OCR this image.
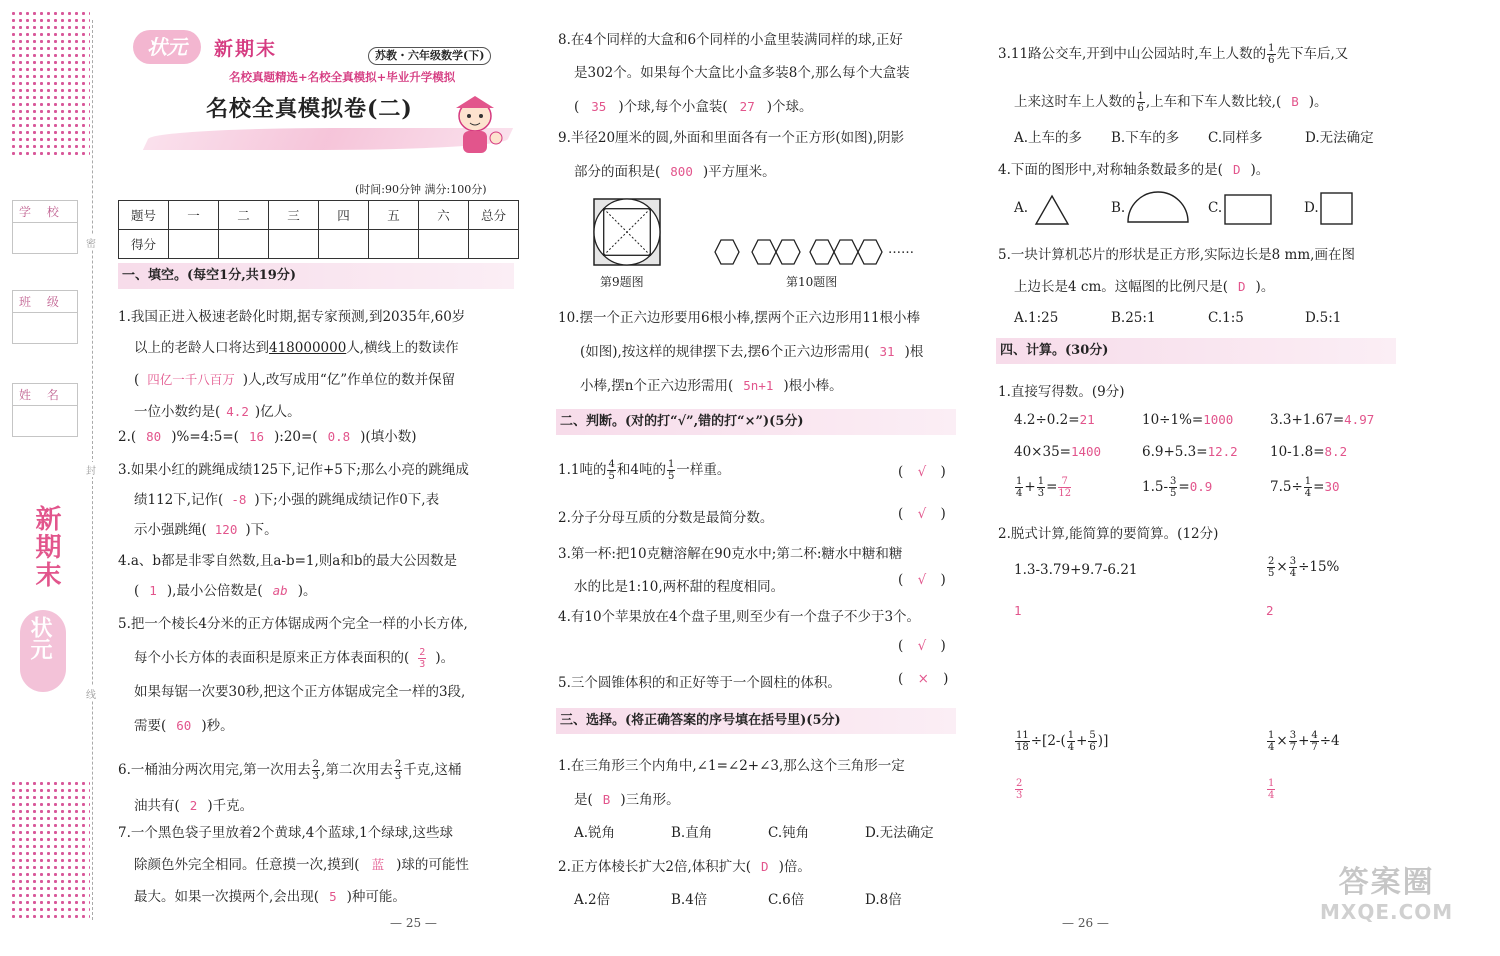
学 校
班 级
姓 名
密
封
线
新期末
状元
状元	新期末	苏教・六年级数学(下)
名校真题精选+名校全真模拟+毕业升学模拟
名校全真模拟卷(二)
(时间:90分钟 满分:100分)
题号	一	二	三	四	五	六	总分
得分							
一、填空。(每空1分,共19分)
1.我国正进入极速老龄化时期,据专家预测,到2035年,60岁
以上的老龄人口将达到418000000人,横线上的数读作
( 四亿一千八百万 )人,改写成用“亿”作单位的数并保留
一位小数约是( 4.2 )亿人。
2.( 80 )%=4:5=( 16 ):20=( 0.8 )(填小数)
3.如果小红的跳绳成绩125下,记作+5下;那么小亮的跳绳成
绩112下,记作( -8 )下;小强的跳绳成绩记作0下,表
示小强跳绳( 120 )下。
4.a、b都是非零自然数,且a-b=1,则a和b的最大公因数是
( 1 ),最小公倍数是( ab )。
5.把一个棱长4分米的正方体锯成两个完全一样的小长方体,
每个小长方体的表面积是原来正方体表面积的( $\frac{2}{3}$ )。
如果每锯一次要30秒,把这个正方体锯成完全一样的3段,
需要( 60 )秒。
6.一桶油分两次用完,第一次用去 $\frac{2}{3}$ ,第二次用去 $\frac{2}{3}$ 千克,这桶
油共有( 2 )千克。
7.一个黑色袋子里放着2个黄球,4个蓝球,1个绿球,这些球
除颜色外完全相同。任意摸一次,摸到( 蓝 )球的可能性
最大。如果一次摸两个,会出现( 5 )种可能。
— 25 —
8.在4个同样的大盒和6个同样的小盒里装满同样的球,正好
是302个。如果每个大盒比小盒多装8个,那么每个大盒装
( 35 )个球,每个小盒装( 27 )个球。
9.半径20厘米的圆,外面和里面各有一个正方形(如图),阴影
部分的面积是( 800 )平方厘米。
第9题图
……
第10题图
10.摆一个正六边形要用6根小棒,摆两个正六边形用11根小棒
(如图),按这样的规律摆下去,摆6个正六边形需用( 31 )根
小棒,摆n个正六边形需用( 5n+1 )根小棒。
二、判断。(对的打“√”,错的打“×”)(5分)
1.1吨的 $\frac{4}{5}$ 和4吨的 $\frac{1}{5}$ 一样重。	( √ )
2.分子分母互质的分数是最简分数。	( √ )
3.第一杯:把10克糖溶解在90克水中;第二杯:糖水中糖和糖
水的比是1:10,两杯甜的程度相同。	( √ )
4.有10个苹果放在4个盘子里,则至少有一个盘子不少于3个。
( √ )
5.三个圆锥体积的和正好等于一个圆柱的体积。	( × )
三、选择。(将正确答案的序号填在括号里)(5分)
1.在三角形三个内角中,∠1=∠2+∠3,那么这个三角形一定
是( B )三角形。
A.锐角	B.直角	C.钝角	D.无法确定
2.正方体棱长扩大2倍,体积扩大( D )倍。
A.2倍	B.4倍	C.6倍	D.8倍
3.11路公交车,开到中山公园站时,车上人数的 $\frac{1}{6}$ 先下车后,又
上来这时车上人数的 $\frac{1}{6}$ ,上车和下车人数比较,( B )。
A.上车的多 B.下车的多 C.同样多	D.无法确定
4.下面的图形中,对称轴条数最多的是( D )。
A.	B.	C.	D.
5.一块计算机芯片的形状是正方形,实际边长是8 mm,画在图
上边长是4 cm。这幅图的比例尺是( D )。
A.1:25	B.25:1	C.1:5	D.5:1
四、计算。(30分)
1.直接写得数。(9分)
4.2÷0.2=21	10÷1%=1000	3.3+1.67=4.97
40×35=1400	6.9+5.3=12.2 10-1.8=8.2
$\frac{1}{4} + \frac{1}{3} = \frac{7}{12}$	$1.5- \frac{3}{5} =0.9$	$7.5\div \frac{1}{4} =30$
2.脱式计算,能简算的要简算。(12分)
1.3-3.79+9.7-6.21
1
$\frac{2}{5} \times \frac{3}{4} \div 15\%$
2
$\frac{11}{18} \div[2-( \frac{1}{4} + \frac{5}{6}$ )]
$\frac{2}{3}$
$\frac{1}{4} \times \frac{3}{7} + \frac{4}{7} \div 4$
$\frac{1}{4}$
— 26 —
答案圈
MXQE.COM
